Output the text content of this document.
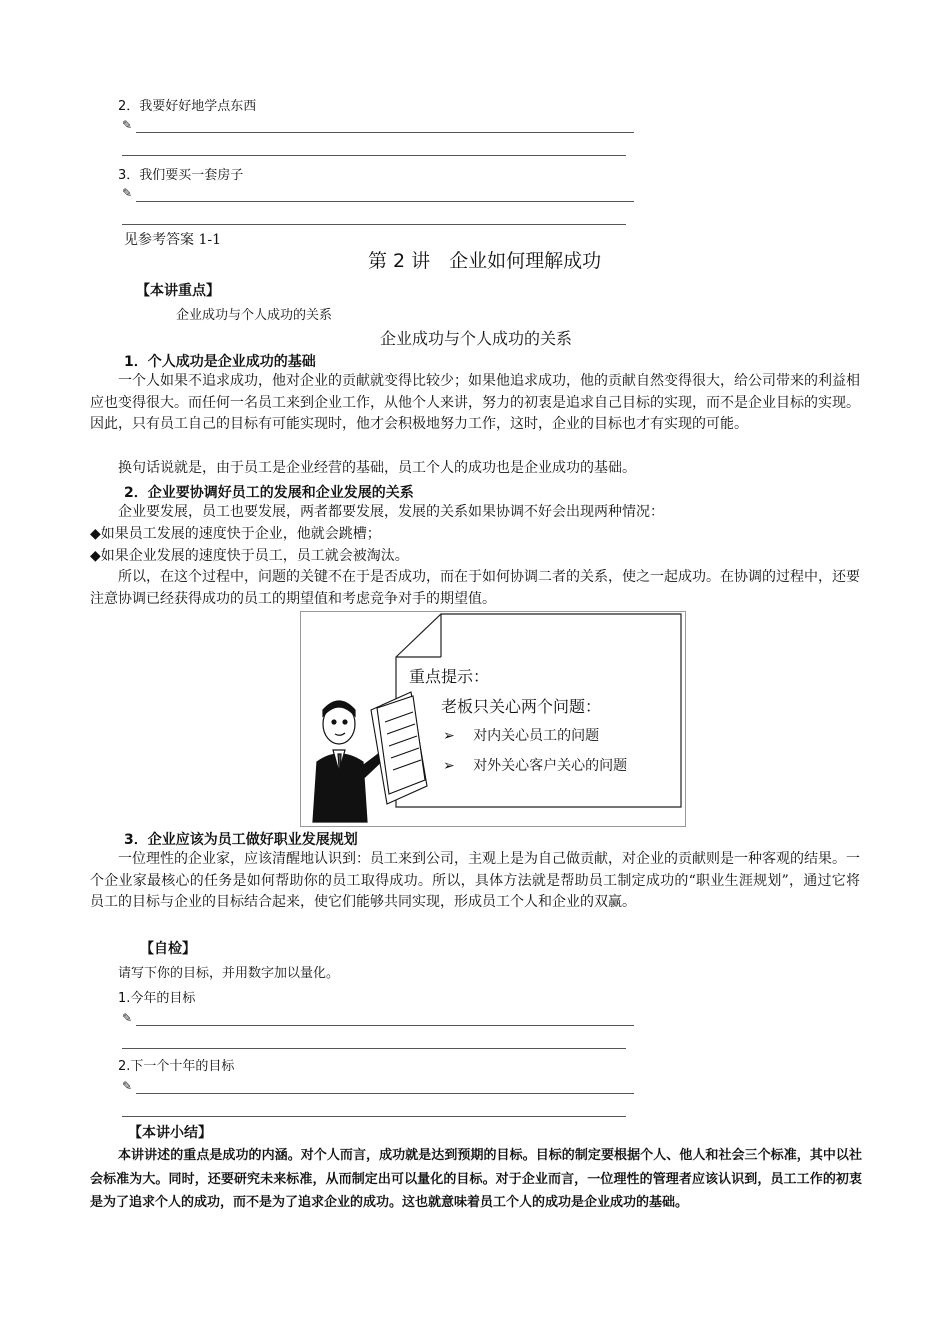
2．我要好好地学点东西
✎
3．我们要买一套房子
✎
见参考答案 1-1
第 2 讲　企业如何理解成功
【本讲重点】
企业成功与个人成功的关系
企业成功与个人成功的关系
1．个人成功是企业成功的基础
一个人如果不追求成功，他对企业的贡献就变得比较少；如果他追求成功，他的贡献自然变得很大，给公司带来的利益相应也变得很大。而任何一名员工来到企业工作，从他个人来讲，努力的初衷是追求自己目标的实现，而不是企业目标的实现。因此，只有员工自己的目标有可能实现时，他才会积极地努力工作，这时，企业的目标也才有实现的可能。
换句话说就是，由于员工是企业经营的基础，员工个人的成功也是企业成功的基础。
2．企业要协调好员工的发展和企业发展的关系
企业要发展，员工也要发展，两者都要发展，发展的关系如果协调不好会出现两种情况：
◆如果员工发展的速度快于企业，他就会跳槽；
◆如果企业发展的速度快于员工，员工就会被淘汰。
所以，在这个过程中，问题的关键不在于是否成功，而在于如何协调二者的关系，使之一起成功。在协调的过程中，还要注意协调已经获得成功的员工的期望值和考虑竞争对手的期望值。
重点提示：
老板只关心两个问题：
➢ 对内关心员工的问题
➢ 对外关心客户关心的问题
3．企业应该为员工做好职业发展规划
一位理性的企业家，应该清醒地认识到：员工来到公司，主观上是为自己做贡献，对企业的贡献则是一种客观的结果。一个企业家最核心的任务是如何帮助你的员工取得成功。所以，具体方法就是帮助员工制定成功的“职业生涯规划”，通过它将员工的目标与企业的目标结合起来，使它们能够共同实现，形成员工个人和企业的双赢。
【自检】
请写下你的目标，并用数字加以量化。
1.今年的目标
✎
2.下一个十年的目标
✎
【本讲小结】
本讲讲述的重点是成功的内涵。对个人而言，成功就是达到预期的目标。目标的制定要根据个人、他人和社会三个标准，其中以社会标准为大。同时，还要研究未来标准，从而制定出可以量化的目标。对于企业而言，一位理性的管理者应该认识到，员工工作的初衷是为了追求个人的成功，而不是为了追求企业的成功。这也就意味着员工个人的成功是企业成功的基础。
